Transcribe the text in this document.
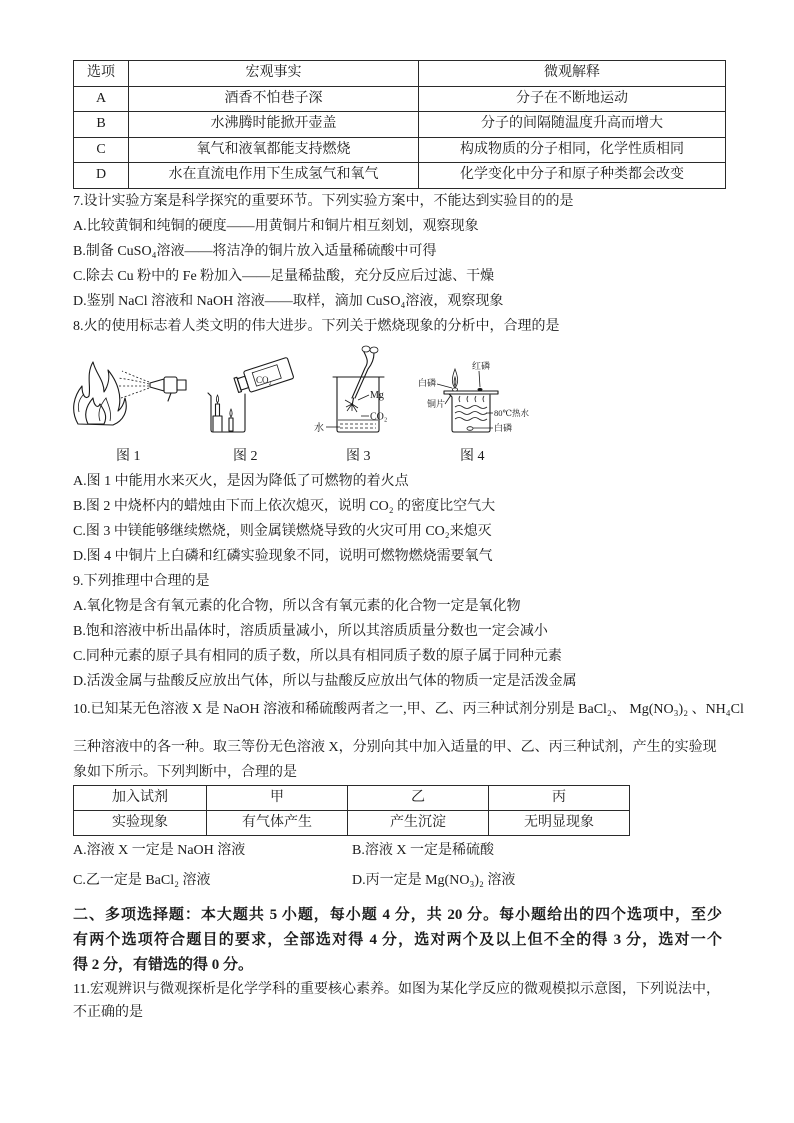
选项	宏观事实	微观解释
A	酒香不怕巷子深	分子在不断地运动
B	水沸腾时能掀开壶盖	分子的间隔随温度升高而增大
C	氧气和液氧都能支持燃烧	构成物质的分子相同，化学性质相同
D	水在直流电作用下生成氢气和氧气	化学变化中分子和原子种类都会改变
7.设计实验方案是科学探究的重要环节。下列实验方案中，不能达到实验目的的是
A.比较黄铜和纯铜的硬度——用黄铜片和铜片相互刻划，观察现象
B.制备 CuSO₄溶液——将洁净的铜片放入适量稀硫酸中可得
C.除去 Cu 粉中的 Fe 粉加入——足量稀盐酸，充分反应后过滤、干燥
D.鉴别 NaCl 溶液和 NaOH 溶液——取样，滴加 CuSO₄溶液，观察现象
8.火的使用标志着人类文明的伟大进步。下列关于燃烧现象的分析中，合理的是
CO₂
Mg
CO₂
水
红磷
白磷
铜片
80℃热水
白磷
图 1	图 2	图 3	图 4
A.图 1 中能用水来灭火，是因为降低了可燃物的着火点
B.图 2 中烧杯内的蜡烛由下而上依次熄灭，说明 CO₂ 的密度比空气大
C.图 3 中镁能够继续燃烧，则金属镁燃烧导致的火灾可用 CO₂来熄灭
D.图 4 中铜片上白磷和红磷实验现象不同，说明可燃物燃烧需要氧气
9.下列推理中合理的是
A.氧化物是含有氧元素的化合物，所以含有氧元素的化合物一定是氧化物
B.饱和溶液中析出晶体时，溶质质量减小，所以其溶质质量分数也一定会减小
C.同种元素的原子具有相同的质子数，所以具有相同质子数的原子属于同种元素
D.活泼金属与盐酸反应放出气体，所以与盐酸反应放出气体的物质一定是活泼金属
10.已知某无色溶液 X 是 NaOH 溶液和稀硫酸两者之一,甲、乙、丙三种试剂分别是 BaCl₂、 Mg(NO₃)₂ 、NH₄Cl
三种溶液中的各一种。取三等份无色溶液 X，分别向其中加入适量的甲、乙、丙三种试剂，产生的实验现
象如下所示。下列判断中，合理的是
加入试剂	甲	乙	丙
实验现象	有气体产生	产生沉淀	无明显现象
A.溶液 X 一定是 NaOH 溶液	B.溶液 X 一定是稀硫酸
C.乙一定是 BaCl₂ 溶液	D.丙一定是 Mg(NO₃)₂ 溶液
二、多项选择题：本大题共 5 小题，每小题 4 分，共 20 分。每小题给出的四个选项中，至少
有两个选项符合题目的要求，全部选对得 4 分，选对两个及以上但不全的得 3 分，选对一个
得 2 分，有错选的得 0 分。
11.宏观辨识与微观探析是化学学科的重要核心素养。如图为某化学反应的微观模拟示意图，下列说法中，
不正确的是
